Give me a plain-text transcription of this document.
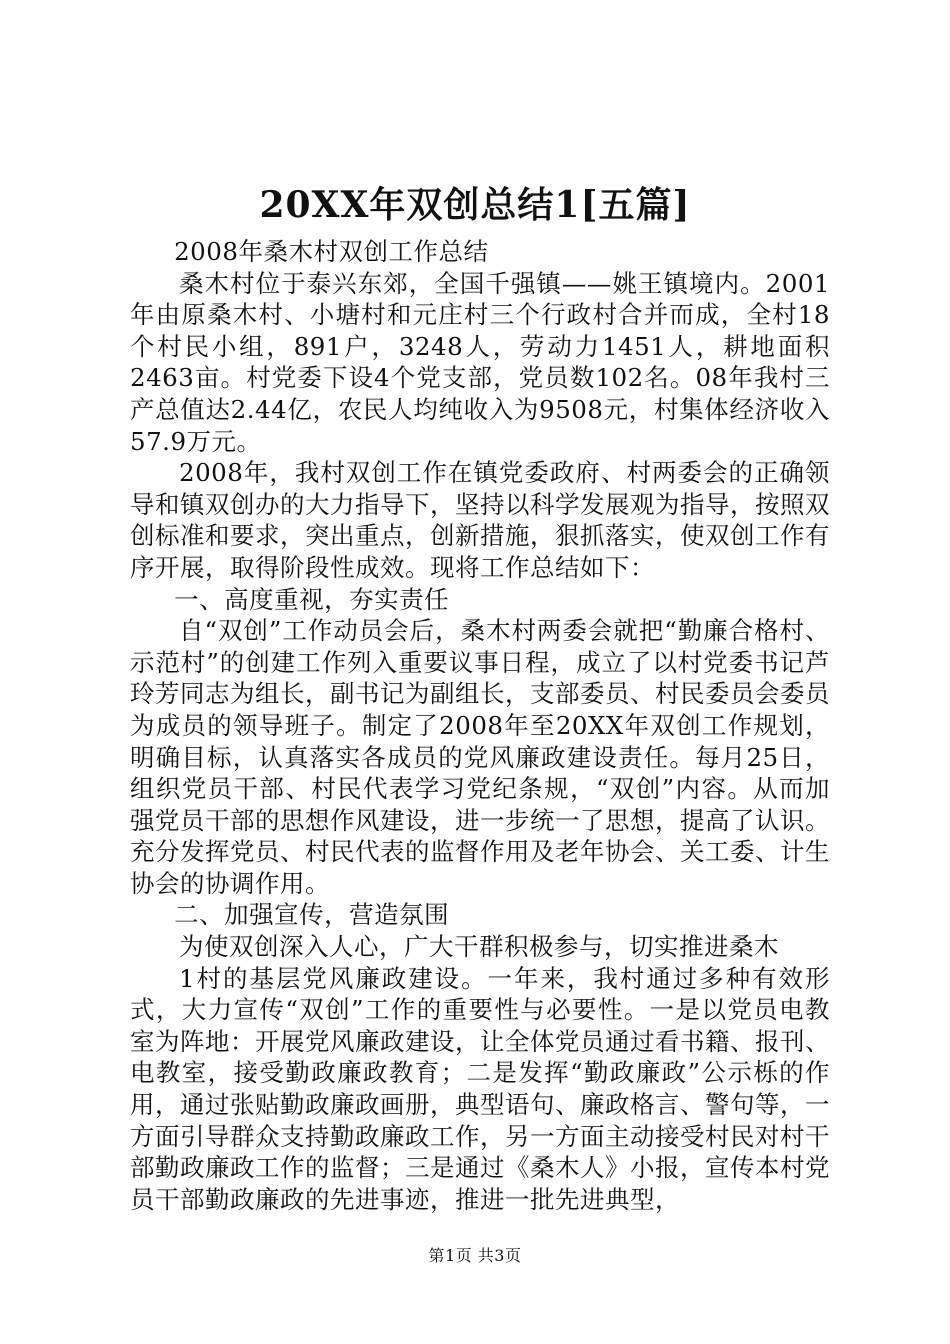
20XX年双创总结1[五篇]

2008年桑木村双创工作总结

桑木村位于泰兴东郊，全国千强镇——姚王镇境内。2001年由原桑木村、小塘村和元庄村三个行政村合并而成，全村18个村民小组，891户，3248人，劳动力1451人，耕地面积2463亩。村党委下设4个党支部，党员数102名。08年我村三产总值达2.44亿，农民人均纯收入为9508元，村集体经济收入57.9万元。

2008年，我村双创工作在镇党委政府、村两委会的正确领导和镇双创办的大力指导下，坚持以科学发展观为指导，按照双创标准和要求，突出重点，创新措施，狠抓落实，使双创工作有序开展，取得阶段性成效。现将工作总结如下：

一、高度重视，夯实责任

自“双创”工作动员会后，桑木村两委会就把“勤廉合格村、示范村”的创建工作列入重要议事日程，成立了以村党委书记芦玲芳同志为组长，副书记为副组长，支部委员、村民委员会委员为成员的领导班子。制定了2008年至20XX年双创工作规划，明确目标，认真落实各成员的党风廉政建设责任。每月25日，组织党员干部、村民代表学习党纪条规，“双创”内容。从而加强党员干部的思想作风建设，进一步统一了思想，提高了认识。充分发挥党员、村民代表的监督作用及老年协会、关工委、计生协会的协调作用。

二、加强宣传，营造氛围

为使双创深入人心，广大干群积极参与，切实推进桑木

1村的基层党风廉政建设。一年来，我村通过多种有效形式，大力宣传“双创”工作的重要性与必要性。一是以党员电教室为阵地：开展党风廉政建设，让全体党员通过看书籍、报刊、电教室，接受勤政廉政教育；二是发挥“勤政廉政”公示栎的作用，通过张贴勤政廉政画册，典型语句、廉政格言、警句等，一方面引导群众支持勤政廉政工作，另一方面主动接受村民对村干部勤政廉政工作的监督；三是通过《桑木人》小报，宣传本村党员干部勤政廉政的先进事迹，推进一批先进典型，

第1页 共3页
